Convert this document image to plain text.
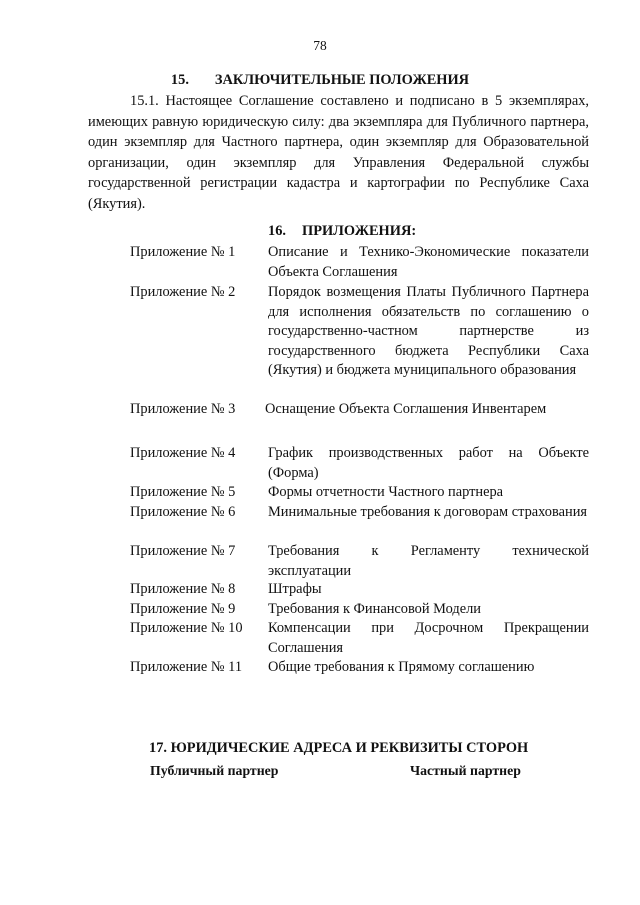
78
15. ЗАКЛЮЧИТЕЛЬНЫЕ ПОЛОЖЕНИЯ

15.1. Настоящее Соглашение составлено и подписано в 5 экземплярах, имеющих равную юридическую силу: два экземпляра для Публичного партнера, один экземпляр для Частного партнера, один экземпляр для Образовательной организации, один экземпляр для Управления Федеральной службы государственной регистрации кадастра и картографии по Республике Саха (Якутия).

16. ПРИЛОЖЕНИЯ:
Приложение № 1 Описание и Технико-Экономические показатели Объекта Соглашения
Приложение № 2 Порядок возмещения Платы Публичного Партнера для исполнения обязательств по соглашению о государственно-частном партнерстве из государственного бюджета Республики Саха (Якутия) и бюджета муниципального образования
Приложение № 3 Оснащение Объекта Соглашения Инвентарем
Приложение № 4 График производственных работ на Объекте (Форма)
Приложение № 5 Формы отчетности Частного партнера
Приложение № 6 Минимальные требования к договорам страхования
Приложение № 7 Требования к Регламенту технической эксплуатации
Приложение № 8 Штрафы
Приложение № 9 Требования к Финансовой Модели
Приложение № 10 Компенсации при Досрочном Прекращении Соглашения
Приложение № 11 Общие требования к Прямому соглашению
17. ЮРИДИЧЕСКИЕ АДРЕСА И РЕКВИЗИТЫ СТОРОН
Публичный партнер	Частный партнер
